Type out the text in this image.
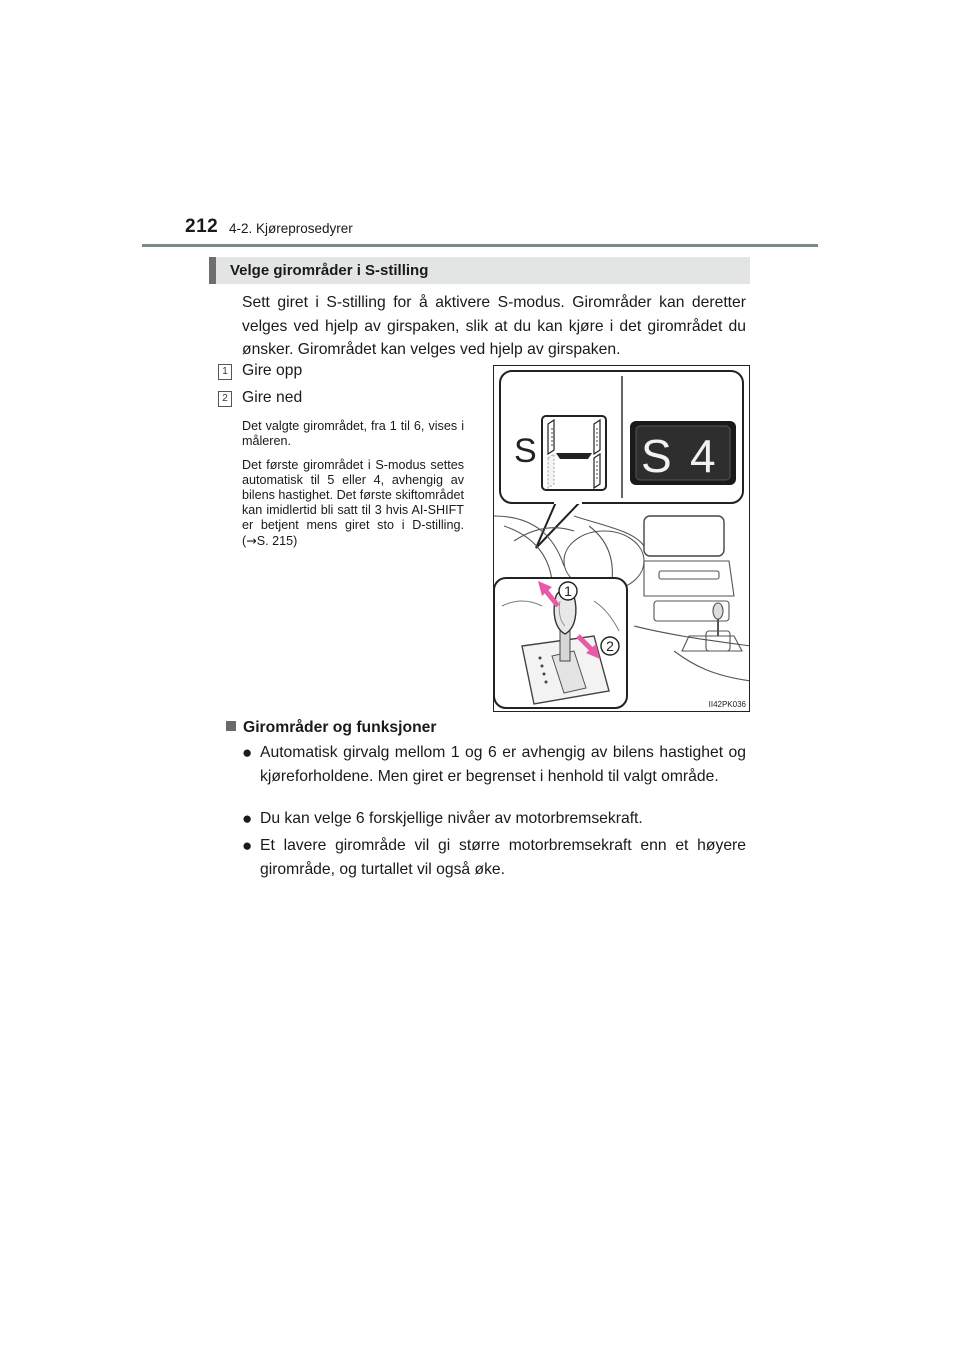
212 4-2. Kjøreprosedyrer
Velge girområder i S-stilling
Sett giret i S-stilling for å aktivere S-modus. Girområder kan deretter velges ved hjelp av girspaken, slik at du kan kjøre i det girområdet du ønsker. Girområdet kan velges ved hjelp av girspaken.
1 Gire opp
2 Gire ned
Det valgte girområdet, fra 1 til 6, vises i måleren.
Det første girområdet i S-modus settes automatisk til 5 eller 4, avhengig av bilens hastighet. Det første skiftområdet kan imidlertid bli satt til 3 hvis AI-SHIFT er betjent mens giret sto i D-stilling. (→S. 215)
S S 4
1
2
II42PK036
Girområder og funksjoner
● Automatisk girvalg mellom 1 og 6 er avhengig av bilens hastighet og kjøreforholdene. Men giret er begrenset i henhold til valgt område.
● Du kan velge 6 forskjellige nivåer av motorbremsekraft.
● Et lavere girområde vil gi større motorbremsekraft enn et høyere girområde, og turtallet vil også øke.
